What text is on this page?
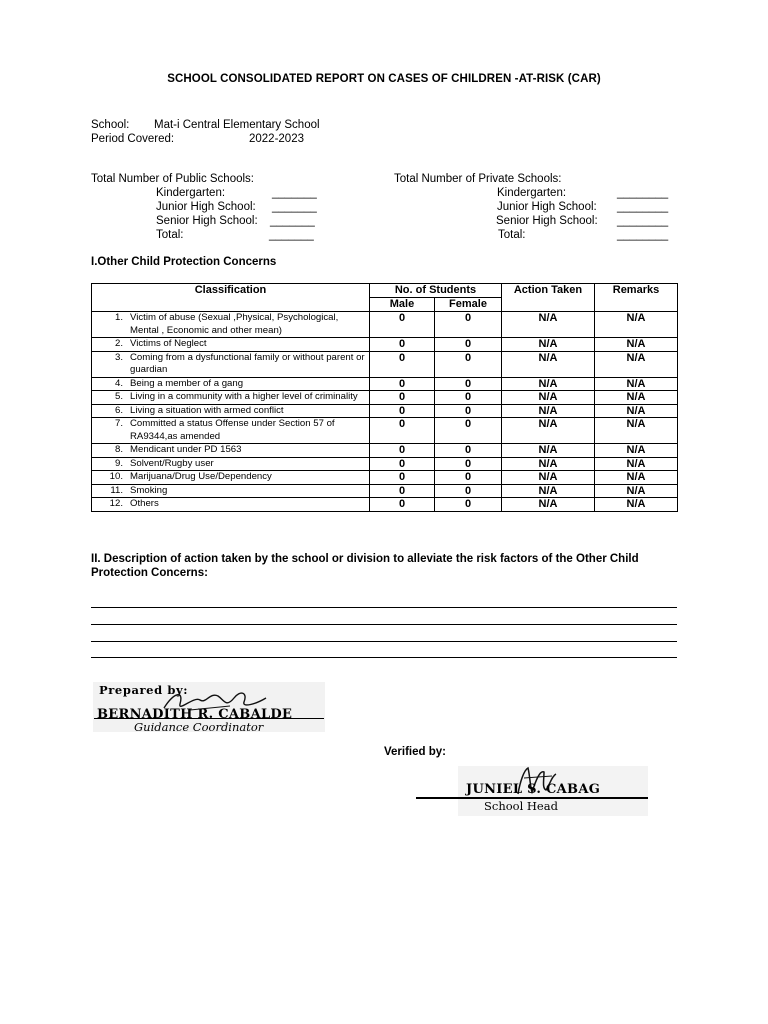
SCHOOL CONSOLIDATED REPORT ON CASES OF CHILDREN -AT-RISK (CAR)
School: Mat-i Central Elementary School
Period Covered:	2022-2023
Total Number of Public Schools:
Kindergarten:	_______
Junior High School: _______
Senior High School: _______
Total:	_______
Total Number of Private Schools:
Kindergarten:	________
Junior High School: ________
Senior High School: ________
Total:	________
I.Other Child Protection Concerns
Classification	No. of Students		Action Taken	Remarks
	Male	Female		

1. Victim of abuse (Sexual ,Physical, Psychological, Mental , Economic and other mean)	0	0	N/A	N/A

2. Victims of Neglect	0	0	N/A	N/A

3. Coming from a dysfunctional family or without parent or guardian	0	0	N/A	N/A

4. Being a member of a gang	0	0	N/A	N/A

5. Living in a community with a higher level of criminality	0	0	N/A	N/A

6. Living a situation with armed conflict	0	0	N/A	N/A

7. Committed a status Offense under Section 57 of RA9344,as amended	0	0	N/A	N/A

8. Mendicant under PD 1563	0	0	N/A	N/A

9. Solvent/Rugby user	0	0	N/A	N/A

10. Marijuana/Drug Use/Dependency	0	0	N/A	N/A

11. Smoking	0	0	N/A	N/A

12. Others	0	0	N/A	N/A
II. Description of action taken by the school or division to alleviate the risk factors of the Other Child Protection Concerns:
Prepared by:
BERNADITH R. CABALDE
Guidance Coordinator
Verified by:
JUNIEL S. CABAG
School Head
